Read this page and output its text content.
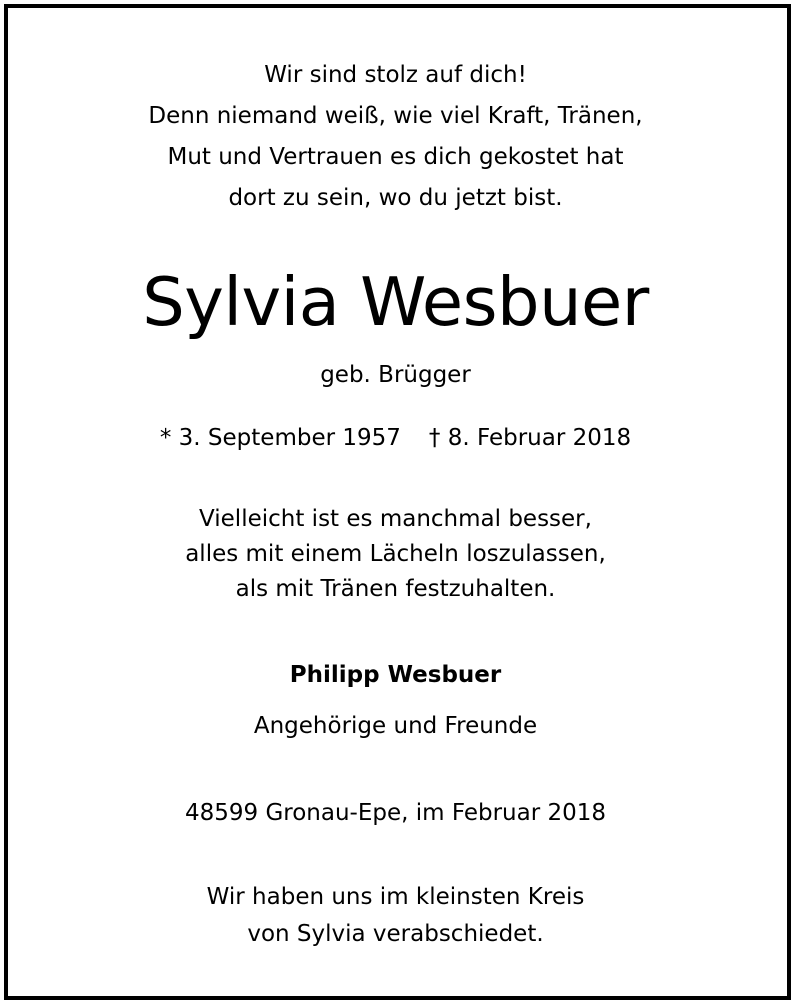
Wir sind stolz auf dich!
Denn niemand weiß, wie viel Kraft, Tränen,
Mut und Vertrauen es dich gekostet hat
dort zu sein, wo du jetzt bist.
Sylvia Wesbuer
geb. Brügger
* 3. September 1957 † 8. Februar 2018
Vielleicht ist es manchmal besser,
alles mit einem Lächeln loszulassen,
als mit Tränen festzuhalten.
Philipp Wesbuer
Angehörige und Freunde
48599 Gronau-Epe, im Februar 2018
Wir haben uns im kleinsten Kreis
von Sylvia verabschiedet.
